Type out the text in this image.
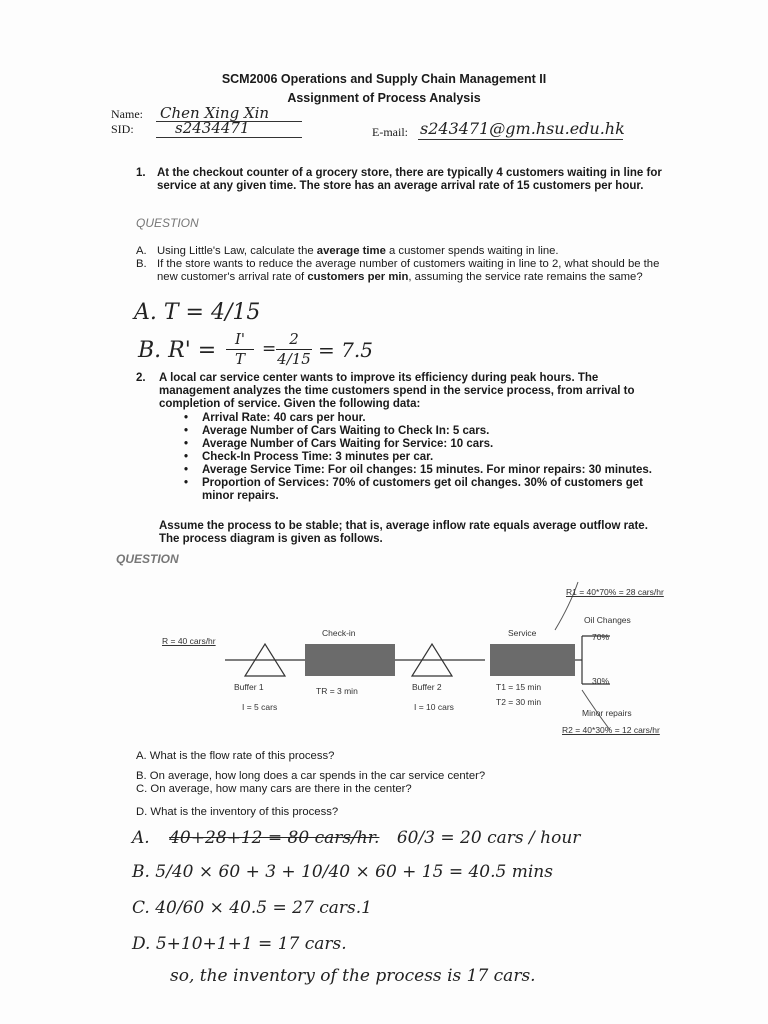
SCM2006 Operations and Supply Chain Management II
Assignment of Process Analysis
Name: Chen Xing Xin
SID:	s2434471	E-mail: s243471@gm.hsu.edu.hk
1. At the checkout counter of a grocery store, there are typically 4 customers waiting in line for service at any given time. The store has an average arrival rate of 15 customers per hour.
QUESTION
A. Using Little's Law, calculate the average time a customer spends waiting in line.
B. If the store wants to reduce the average number of customers waiting in line to 2, what should be the new customer's arrival rate of customers per min, assuming the service rate remains the same?
A. T = 4/15
B. R' =	I'
T	= 2
4/15 = 7.5
2. A local car service center wants to improve its efficiency during peak hours. The management analyzes the time customers spend in the service process, from arrival to completion of service. Given the following data:
• Arrival Rate: 40 cars per hour.
• Average Number of Cars Waiting to Check In: 5 cars.
• Average Number of Cars Waiting for Service: 10 cars.
• Check-In Process Time: 3 minutes per car.
• Average Service Time: For oil changes: 15 minutes. For minor repairs: 30 minutes.
• Proportion of Services: 70% of customers get oil changes. 30% of customers get minor repairs.
Assume the process to be stable; that is, average inflow rate equals average outflow rate. The process diagram is given as follows.
QUESTION
R = 40 cars/hr
Check-in	Service
Buffer 1
I = 5 cars
TR = 3 min	Buffer 2
I = 10 cars
T1 = 15 min
T2 = 30 min
R1 = 40*70% = 28 cars/hr
Oil Changes
70%
30%
Minor repairs
R2 = 40*30% = 12 cars/hr
A. What is the flow rate of this process?
B. On average, how long does a car spends in the car service center?
C. On average, how many cars are there in the center?
D. What is the inventory of this process?
A. 40+28+12 = 80 cars/hr. 60/3 = 20 cars / hour
B. 5/40 × 60 + 3 + 10/40 × 60 + 15 = 40.5 mins
C. 40/60 × 40.5 = 27 cars.1
D. 5+10+1+1 = 17 cars.
so, the inventory of the process is 17 cars.
